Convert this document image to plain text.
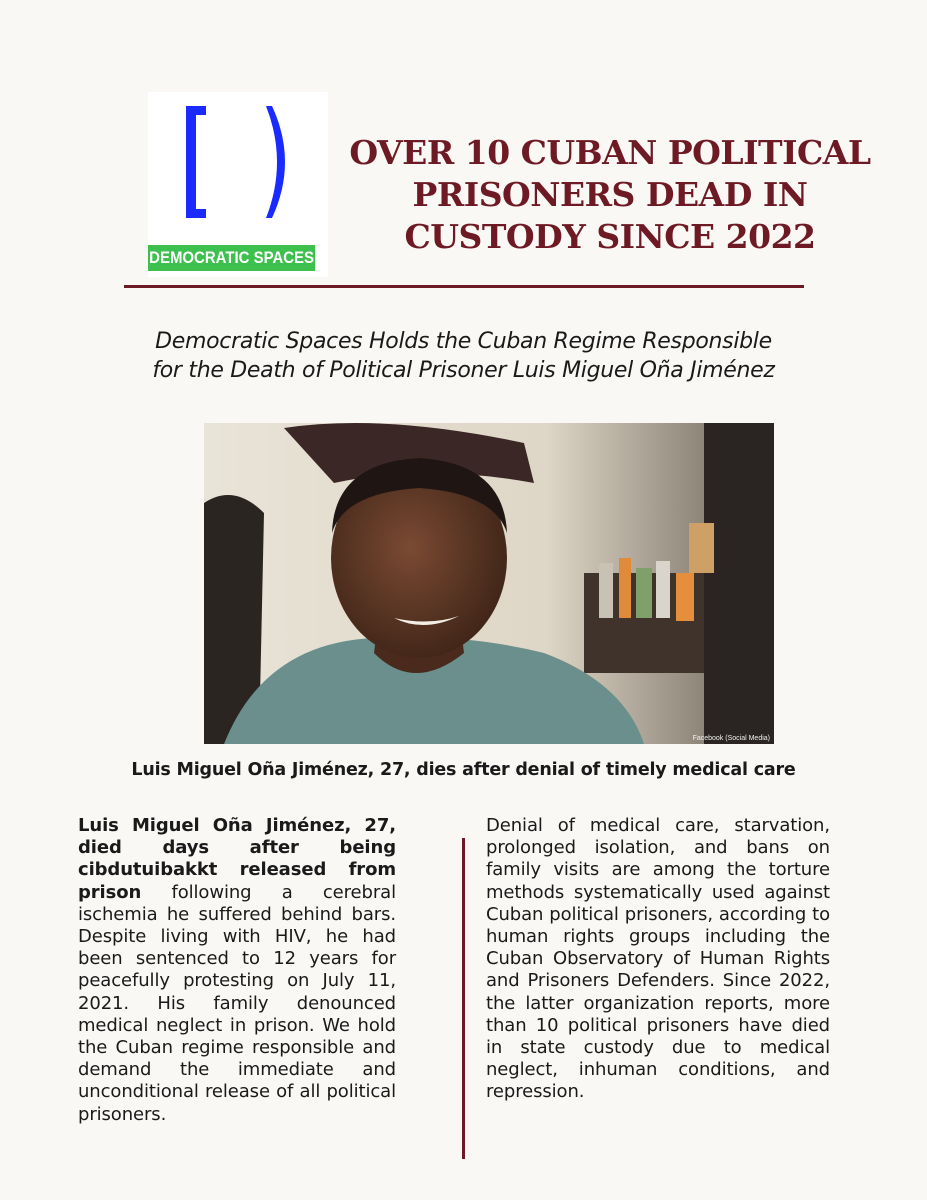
DEMOCRATIC SPACES
OVER 10 CUBAN POLITICAL
PRISONERS DEAD IN
CUSTODY SINCE 2022
Democratic Spaces Holds the Cuban Regime Responsible
for the Death of Political Prisoner Luis Miguel Oña Jiménez
Facebook (Social Media)
Luis Miguel Oña Jiménez, 27, dies after denial of timely medical care
Luis Miguel Oña Jiménez, 27, died days after being cibdutuibakkt released from prison following a cerebral ischemia he suffered behind bars. Despite living with HIV, he had been sentenced to 12 years for peacefully protesting on July 11, 2021. His family denounced medical neglect in prison. We hold the Cuban regime responsible and demand the immediate and unconditional release of all political prisoners.
Denial of medical care, starvation, prolonged isolation, and bans on family visits are among the torture methods systematically used against Cuban political prisoners, according to human rights groups including the Cuban Observatory of Human Rights and Prisoners Defenders. Since 2022, the latter organization reports, more than 10 political prisoners have died in state custody due to medical neglect, inhuman conditions, and repression.
